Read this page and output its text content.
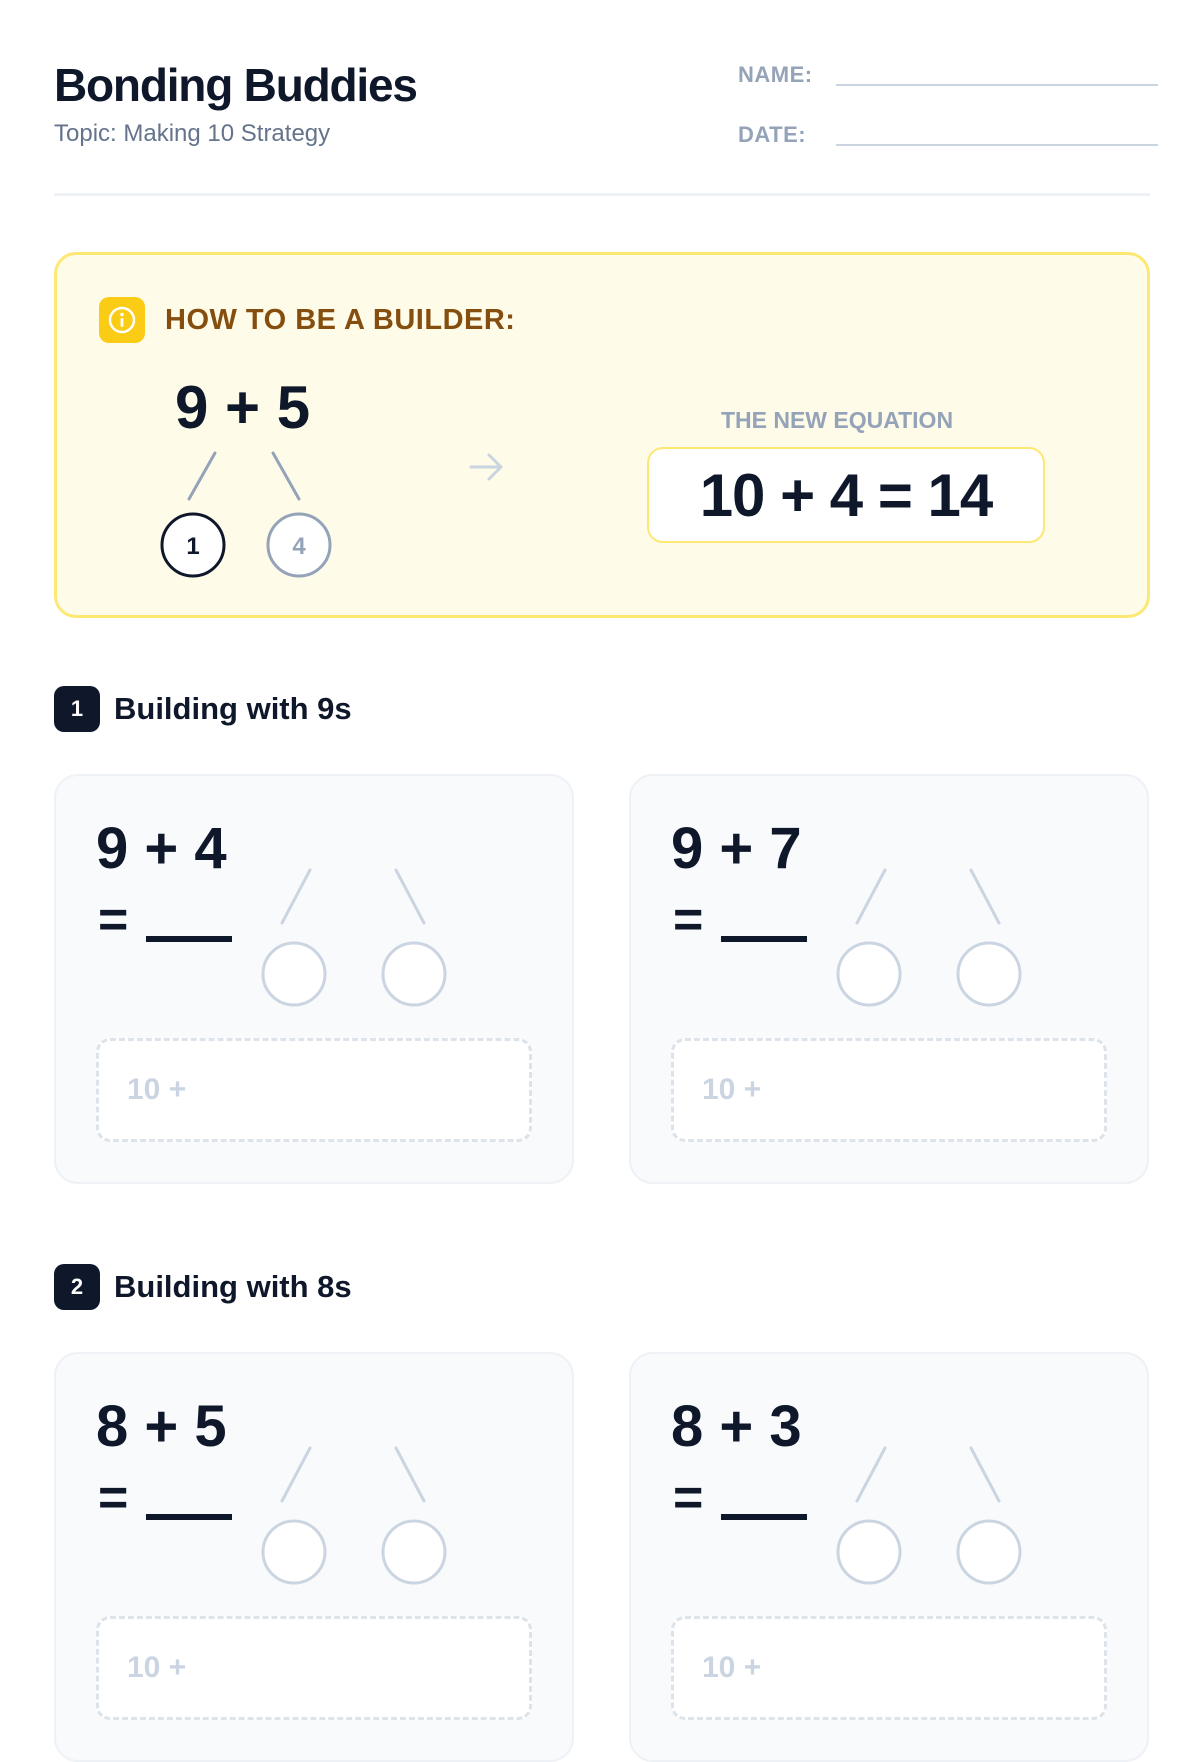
Bonding Buddies
Topic: Making 10 Strategy
NAME:
DATE:
HOW TO BE A BUILDER:
9 + 5
1	4
THE NEW EQUATION
10 + 4 = 14
1 Building with 9s
9 + 4
=
10 +
9 + 7
=
10 +
2 Building with 8s
8 + 5
=
10 +
8 + 3
=
10 +
